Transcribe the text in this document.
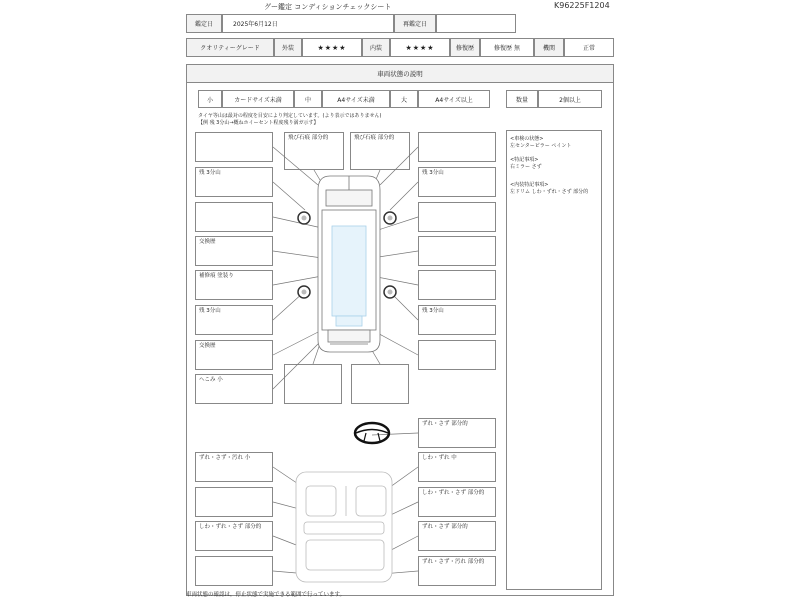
グー鑑定 コンディションチェックシート	K96225F1204
鑑定日	2025年6月12日	再鑑定日
クオリティーグレード	外装	★★★★	内装	★★★★	修復歴	修復歴 無	機関	正常
車両状態の説明
小	カードサイズ未満	中	A4サイズ未満	大	A4サイズ以上	数量	2個以上
タイヤ等山は最対の程度を目安により判定しています。(より表示ではありません)
【例 残 3分山→概ねホイーセント程度残り満ガ示す】
<車検の状態>
左センターピラー ペイント
<特記事項>
右ミラー さず
<内装特記事項>
左ドリム しわ・ずれ・さず 部分的
残 3分山
交換歴
補修痕 塗装り
残 3分山
交換歴
へこみ 小
飛び石痕 部分的	飛び石痕 部分的
残 3分山
残 3分山
ずれ・さず・汚れ 小
しわ・ずれ・さず 部分的
ずれ・さず 部分的
しわ・ずれ 中
しわ・ずれ・さず 部分的
ずれ・さず 部分的
ずれ・さず・汚れ 部分的
車両状態の確認は，停止状態で実施できる範囲で行っています。
